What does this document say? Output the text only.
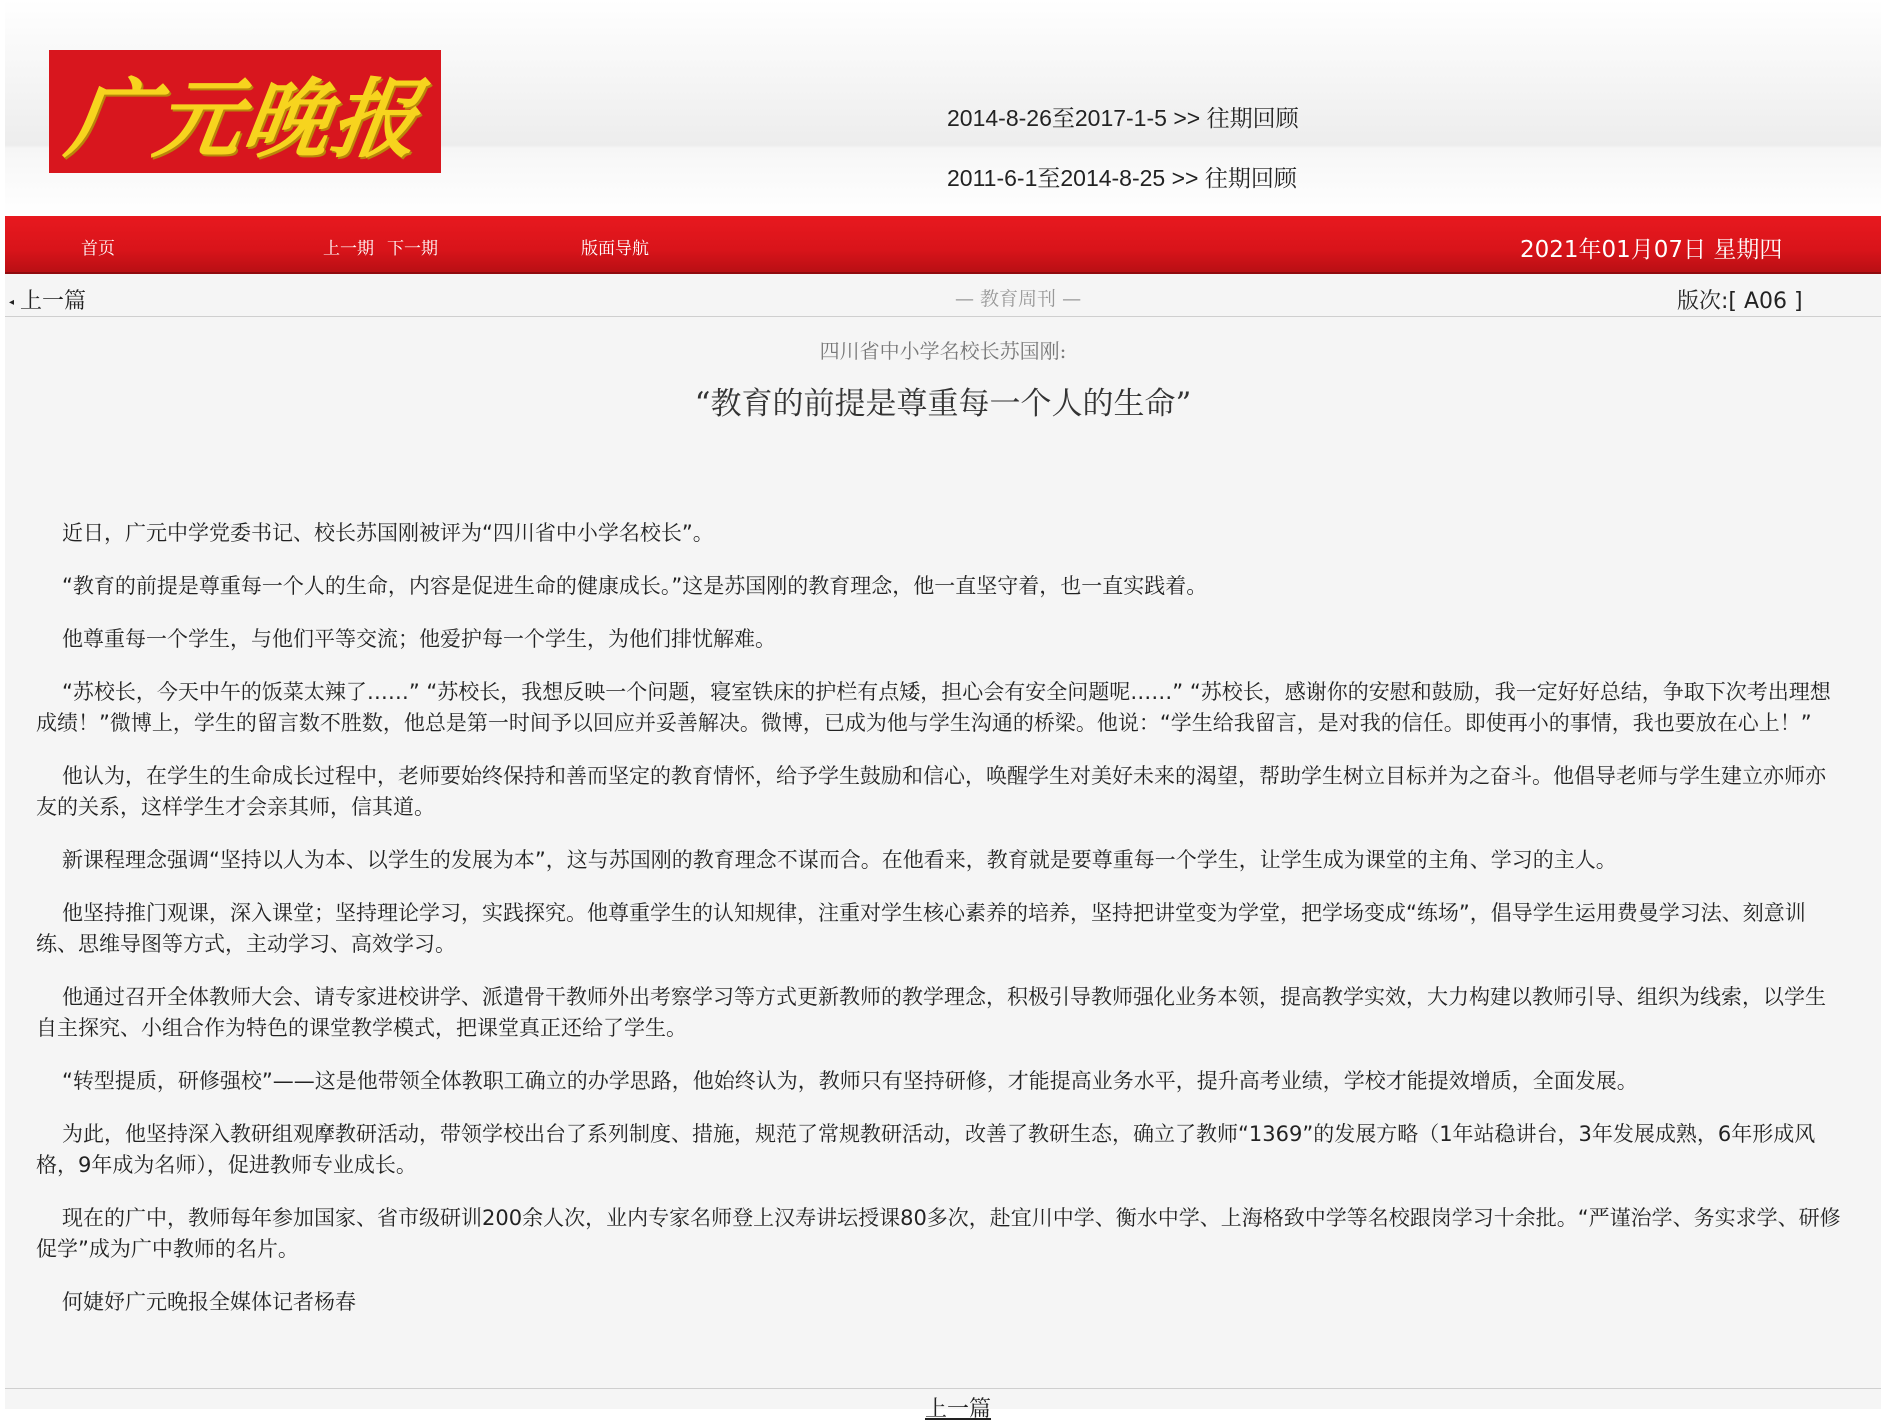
广元晚报	2014-8-26至2017-1-5 >> 往期回顾
2011-6-1至2014-8-25 >> 往期回顾
首页	上一期 下一期	版面导航	2021年01月07日 星期四
◂ 上一篇	— 教育周刊 —	版次:[ A06 ]
四川省中小学名校长苏国刚:
“教育的前提是尊重每一个人的生命”

近日，广元中学党委书记、校长苏国刚被评为“四川省中小学名校长”。

“教育的前提是尊重每一个人的生命，内容是促进生命的健康成长。”这是苏国刚的教育理念，他一直坚守着，也一直实践着。

他尊重每一个学生，与他们平等交流；他爱护每一个学生，为他们排忧解难。

“苏校长，今天中午的饭菜太辣了……” “苏校长，我想反映一个问题，寝室铁床的护栏有点矮，担心会有安全问题呢……” “苏校长，感谢你的安慰和鼓励，我一定好好总结，争取下次考出理想成绩！”微博上，学生的留言数不胜数，他总是第一时间予以回应并妥善解决。微博，已成为他与学生沟通的桥梁。他说：“学生给我留言，是对我的信任。即使再小的事情，我也要放在心上！”

他认为，在学生的生命成长过程中，老师要始终保持和善而坚定的教育情怀，给予学生鼓励和信心，唤醒学生对美好未来的渴望，帮助学生树立目标并为之奋斗。他倡导老师与学生建立亦师亦友的关系，这样学生才会亲其师，信其道。

新课程理念强调“坚持以人为本、以学生的发展为本”，这与苏国刚的教育理念不谋而合。在他看来，教育就是要尊重每一个学生，让学生成为课堂的主角、学习的主人。

他坚持推门观课，深入课堂；坚持理论学习，实践探究。他尊重学生的认知规律，注重对学生核心素养的培养，坚持把讲堂变为学堂，把学场变成“练场”，倡导学生运用费曼学习法、刻意训练、思维导图等方式，主动学习、高效学习。

他通过召开全体教师大会、请专家进校讲学、派遣骨干教师外出考察学习等方式更新教师的教学理念，积极引导教师强化业务本领，提高教学实效，大力构建以教师引导、组织为线索，以学生自主探究、小组合作为特色的课堂教学模式，把课堂真正还给了学生。

“转型提质，研修强校”——这是他带领全体教职工确立的办学思路，他始终认为，教师只有坚持研修，才能提高业务水平，提升高考业绩，学校才能提效增质，全面发展。

为此，他坚持深入教研组观摩教研活动，带领学校出台了系列制度、措施，规范了常规教研活动，改善了教研生态，确立了教师“1369”的发展方略（1年站稳讲台，3年发展成熟，6年形成风格，9年成为名师），促进教师专业成长。

现在的广中，教师每年参加国家、省市级研训200余人次，业内专家名师登上汉寿讲坛授课80多次，赴宜川中学、衡水中学、上海格致中学等名校跟岗学习十余批。“严谨治学、务实求学、研修促学”成为广中教师的名片。

何婕妤广元晚报全媒体记者杨春

上一篇
